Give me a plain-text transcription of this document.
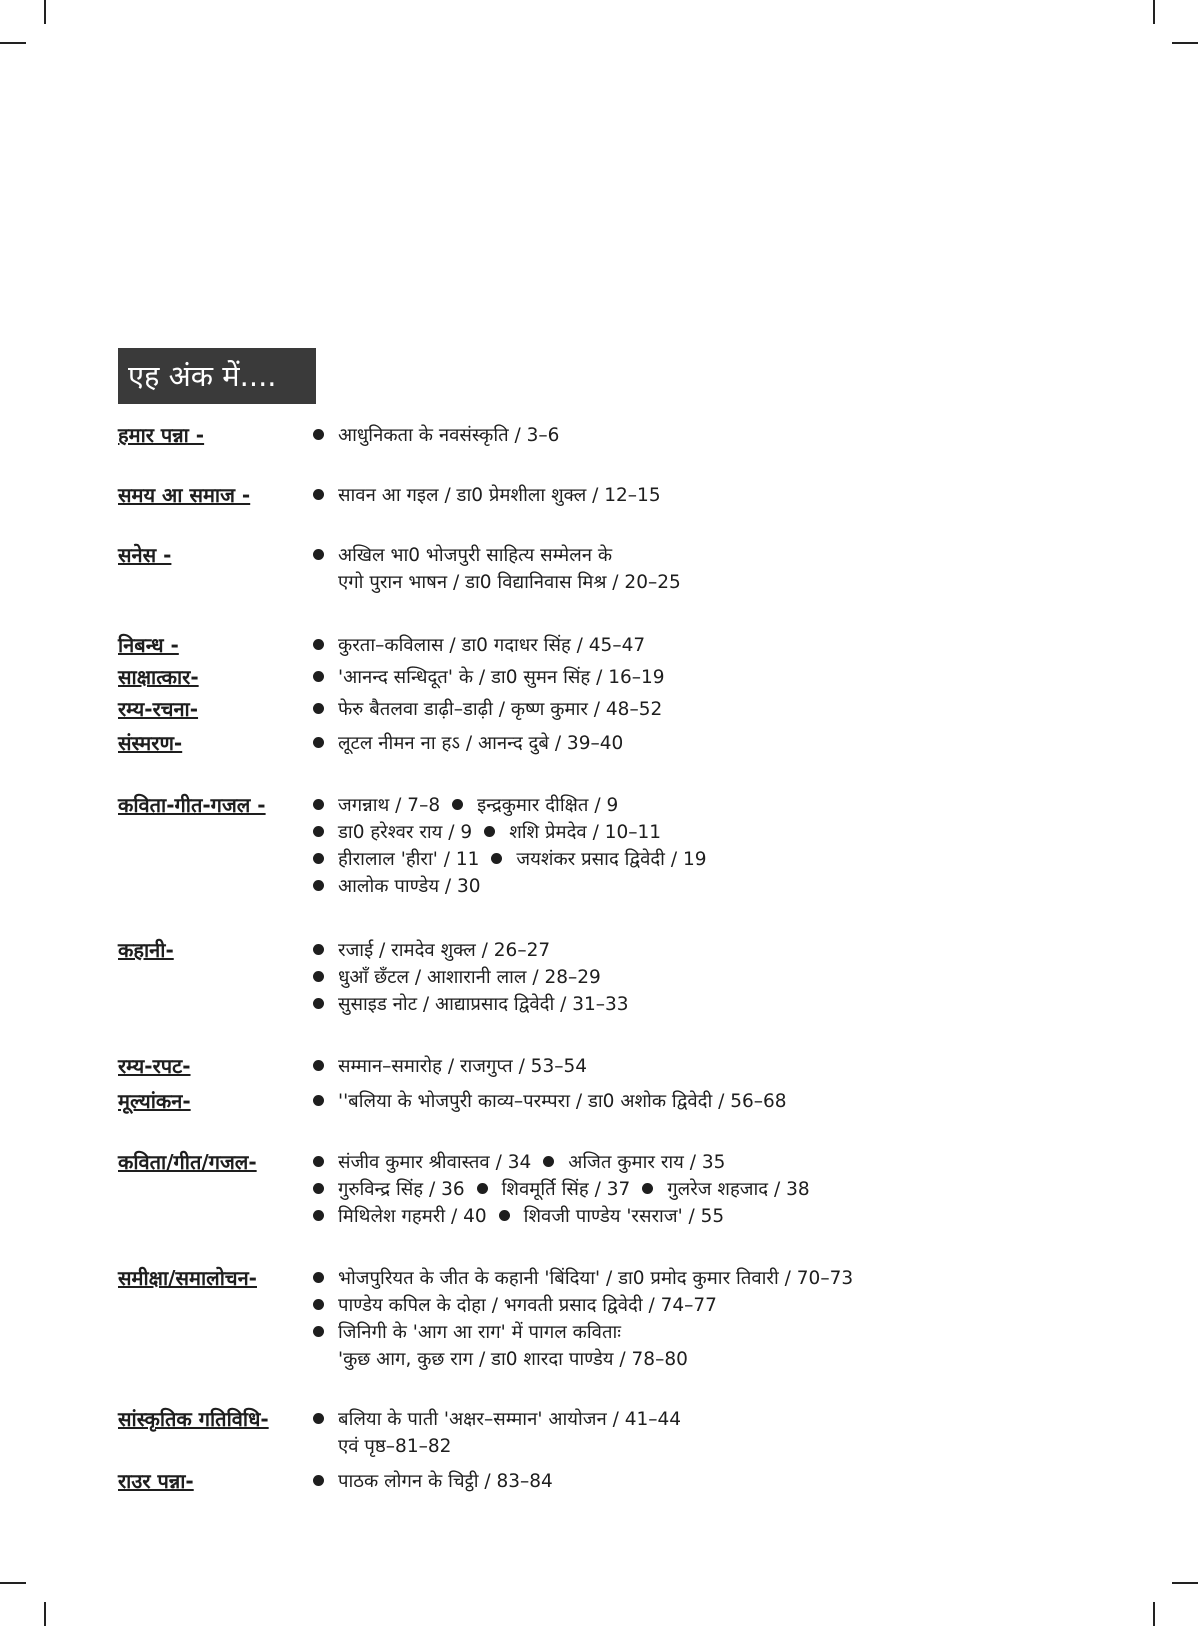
एह अंक में....
हमार पन्ना -	आधुनिकता के नवसंस्कृति / 3–6
समय आ समाज -	सावन आ गइल / डा0 प्रेमशीला शुक्ल / 12–15
सनेस -	अखिल भा0 भोजपुरी साहित्य सम्मेलन के
एगो पुरान भाषन / डा0 विद्यानिवास मिश्र / 20–25
निबन्ध -	कुरता–कविलास / डा0 गदाधर सिंह / 45–47
साक्षात्कार-	'आनन्द सन्धिदूत' के / डा0 सुमन सिंह / 16–19
रम्य-रचना-	फेरु बैतलवा डाढ़ी–डाढ़ी / कृष्ण कुमार / 48–52
संस्मरण-	लूटल नीमन ना हऽ / आनन्द दुबे / 39–40
कविता-गीत-गजल -	जगन्नाथ / 7–8 इन्द्रकुमार दीक्षित / 9
डा0 हरेश्वर राय / 9 शशि प्रेमदेव / 10–11
हीरालाल 'हीरा' / 11 जयशंकर प्रसाद द्विवेदी / 19
आलोक पाण्डेय / 30
कहानी-	रजाई / रामदेव शुक्ल / 26–27
धुआँ छँटल / आशारानी लाल / 28–29
सुसाइड नोट / आद्याप्रसाद द्विवेदी / 31–33
रम्य-रपट-	सम्मान–समारोह / राजगुप्त / 53–54
मूल्यांकन-	''बलिया के भोजपुरी काव्य–परम्परा / डा0 अशोक द्विवेदी / 56–68
कविता/गीत/गजल-	संजीव कुमार श्रीवास्तव / 34 अजित कुमार राय / 35
गुरुविन्द्र सिंह / 36 शिवमूर्ति सिंह / 37 गुलरेज शहजाद / 38
मिथिलेश गहमरी / 40 शिवजी पाण्डेय 'रसराज' / 55
समीक्षा/समालोचन-	भोजपुरियत के जीत के कहानी 'बिंदिया' / डा0 प्रमोद कुमार तिवारी / 70–73
पाण्डेय कपिल के दोहा / भगवती प्रसाद द्विवेदी / 74–77
जिनिगी के 'आग आ राग' में पागल कविताः
'कुछ आग, कुछ राग / डा0 शारदा पाण्डेय / 78–80
सांस्कृतिक गतिविधि-	बलिया के पाती 'अक्षर–सम्मान' आयोजन / 41–44
एवं पृष्ठ–81–82
राउर पन्ना-	पाठक लोगन के चिट्ठी / 83–84
